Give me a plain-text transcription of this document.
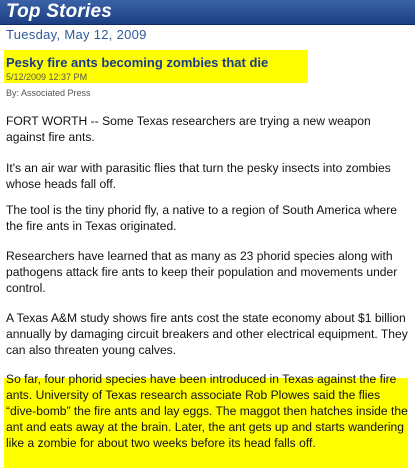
Top Stories
Tuesday, May 12, 2009
Pesky fire ants becoming zombies that die
5/12/2009 12:37 PM
By: Associated Press

FORT WORTH -- Some Texas researchers are trying a new weapon against fire ants.

It's an air war with parasitic flies that turn the pesky insects into zombies whose heads fall off.

The tool is the tiny phorid fly, a native to a region of South America where the fire ants in Texas originated.

Researchers have learned that as many as 23 phorid species along with pathogens attack fire ants to keep their population and movements under control.

A Texas A&M study shows fire ants cost the state economy about $1 billion annually by damaging circuit breakers and other electrical equipment. They can also threaten young calves.

So far, four phorid species have been introduced in Texas against the fire ants. University of Texas research associate Rob Plowes said the flies “dive-bomb” the fire ants and lay eggs. The maggot then hatches inside the ant and eats away at the brain. Later, the ant gets up and starts wandering like a zombie for about two weeks before its head falls off.
